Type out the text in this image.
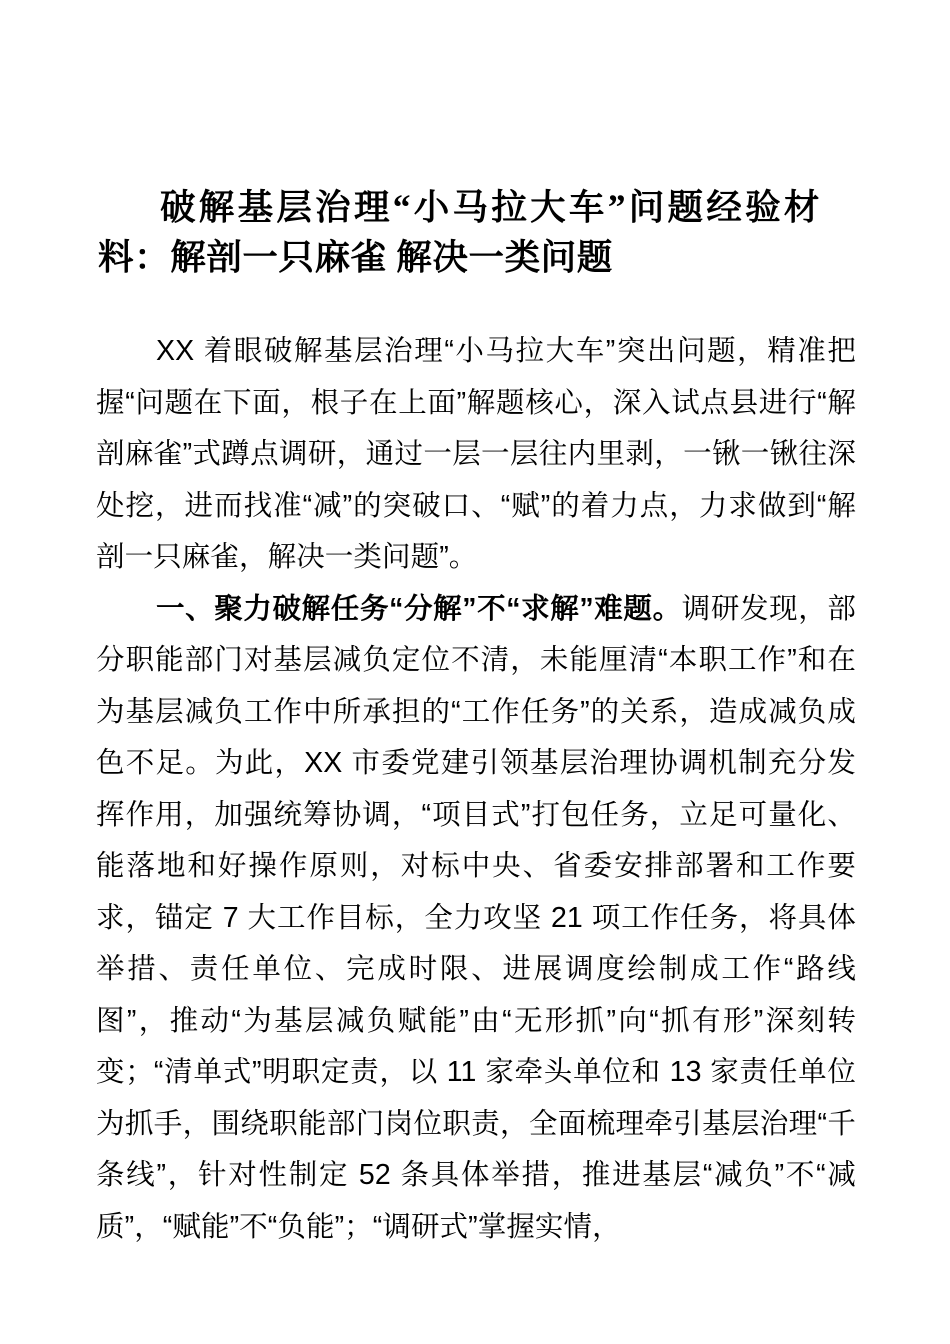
破解基层治理“小马拉大车”问题经验材料：解剖一只麻雀 解决一类问题

XX 着眼破解基层治理“小马拉大车”突出问题，精准把握“问题在下面，根子在上面”解题核心，深入试点县进行“解剖麻雀”式蹲点调研，通过一层一层往内里剥，一锹一锹往深处挖，进而找准“减”的突破口、“赋”的着力点，力求做到“解剖一只麻雀，解决一类问题”。

一、聚力破解任务“分解”不“求解”难题。调研发现，部分职能部门对基层减负定位不清，未能厘清“本职工作”和在为基层减负工作中所承担的“工作任务”的关系，造成减负成色不足。为此，XX 市委党建引领基层治理协调机制充分发挥作用，加强统筹协调，“项目式”打包任务，立足可量化、能落地和好操作原则，对标中央、省委安排部署和工作要求，锚定 7 大工作目标，全力攻坚 21 项工作任务，将具体举措、责任单位、完成时限、进展调度绘制成工作“路线图”，推动“为基层减负赋能”由“无形抓”向“抓有形”深刻转变；“清单式”明职定责，以 11 家牵头单位和 13 家责任单位为抓手，围绕职能部门岗位职责，全面梳理牵引基层治理“千条线”，针对性制定 52 条具体举措，推进基层“减负”不“减质”，“赋能”不“负能”；“调研式”掌握实情，
